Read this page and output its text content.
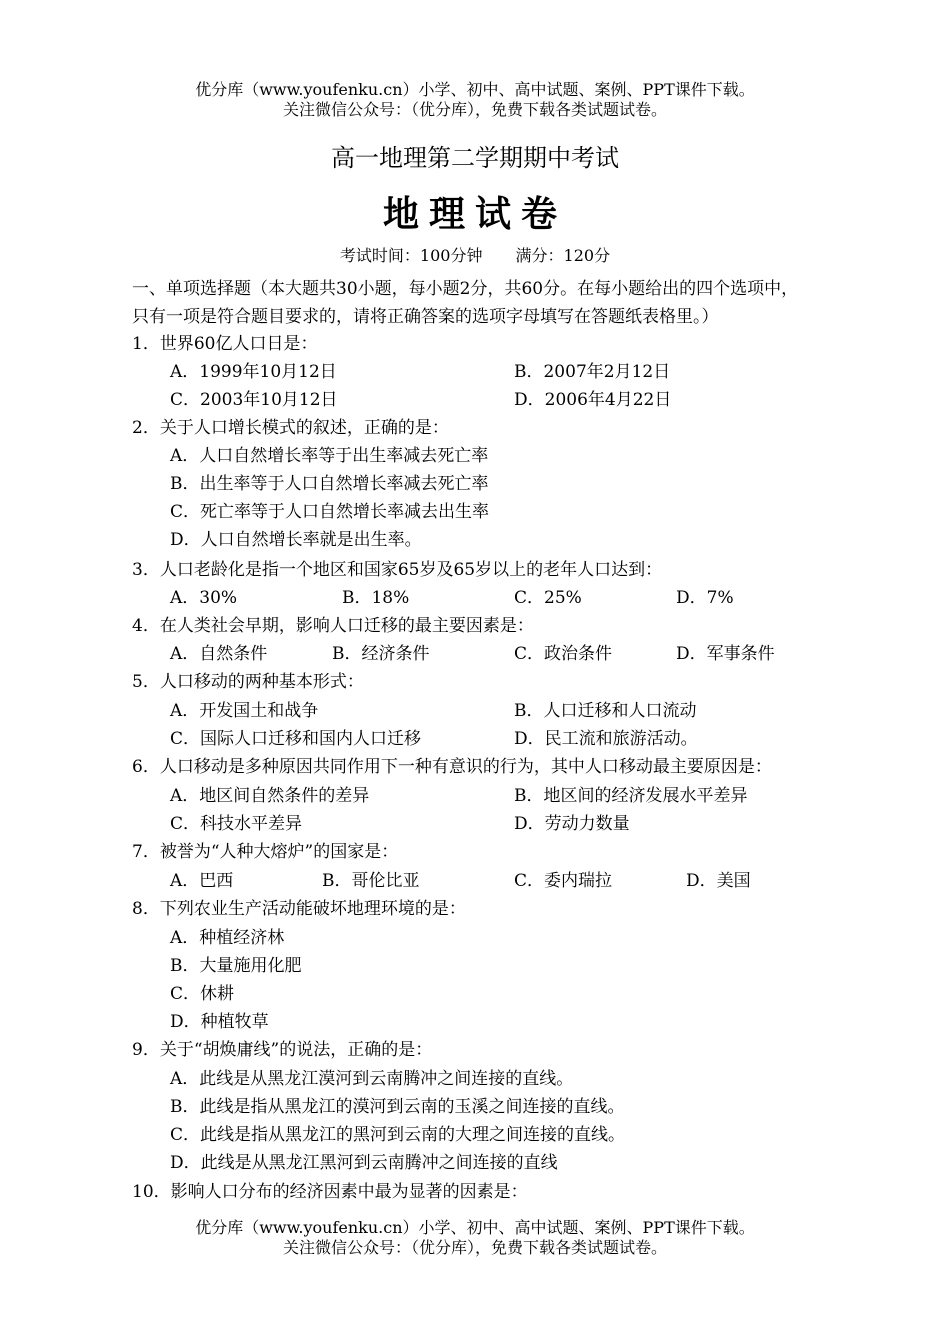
优分库（www.youfenku.cn）小学、初中、高中试题、案例、PPT课件下载。
关注微信公众号：（优分库），免费下载各类试题试卷。
高一地理第二学期期中考试
地理试卷
考试时间：100分钟 满分：120分
一、单项选择题（本大题共30小题，每小题2分，共60分。在每小题给出的四个选项中，
只有一项是符合题目要求的，请将正确答案的选项字母填写在答题纸表格里。）
1．世界60亿人口日是：
A．1999年10月12日	B．2007年2月12日
C．2003年10月12日	D．2006年4月22日
2．关于人口增长模式的叙述，正确的是：
A．人口自然增长率等于出生率减去死亡率
B．出生率等于人口自然增长率减去死亡率
C．死亡率等于人口自然增长率减去出生率
D．人口自然增长率就是出生率。
3．人口老龄化是指一个地区和国家65岁及65岁以上的老年人口达到：
A．30%	B．18%	C．25%	D．7%
4．在人类社会早期，影响人口迁移的最主要因素是：
A．自然条件	B．经济条件	C．政治条件	D．军事条件
5．人口移动的两种基本形式：
A．开发国土和战争	B．人口迁移和人口流动
C．国际人口迁移和国内人口迁移	D．民工流和旅游活动。
6．人口移动是多种原因共同作用下一种有意识的行为，其中人口移动最主要原因是：
A．地区间自然条件的差异	B．地区间的经济发展水平差异
C．科技水平差异	D．劳动力数量
7．被誉为“人种大熔炉”的国家是：
A．巴西	B．哥伦比亚	C．委内瑞拉	D．美国
8．下列农业生产活动能破坏地理环境的是：
A．种植经济林
B．大量施用化肥
C．休耕
D．种植牧草
9．关于“胡焕庸线”的说法，正确的是：
A．此线是从黑龙江漠河到云南腾冲之间连接的直线。
B．此线是指从黑龙江的漠河到云南的玉溪之间连接的直线。
C．此线是指从黑龙江的黑河到云南的大理之间连接的直线。
D．此线是从黑龙江黑河到云南腾冲之间连接的直线
10．影响人口分布的经济因素中最为显著的因素是：
优分库（www.youfenku.cn）小学、初中、高中试题、案例、PPT课件下载。
关注微信公众号：（优分库），免费下载各类试题试卷。
